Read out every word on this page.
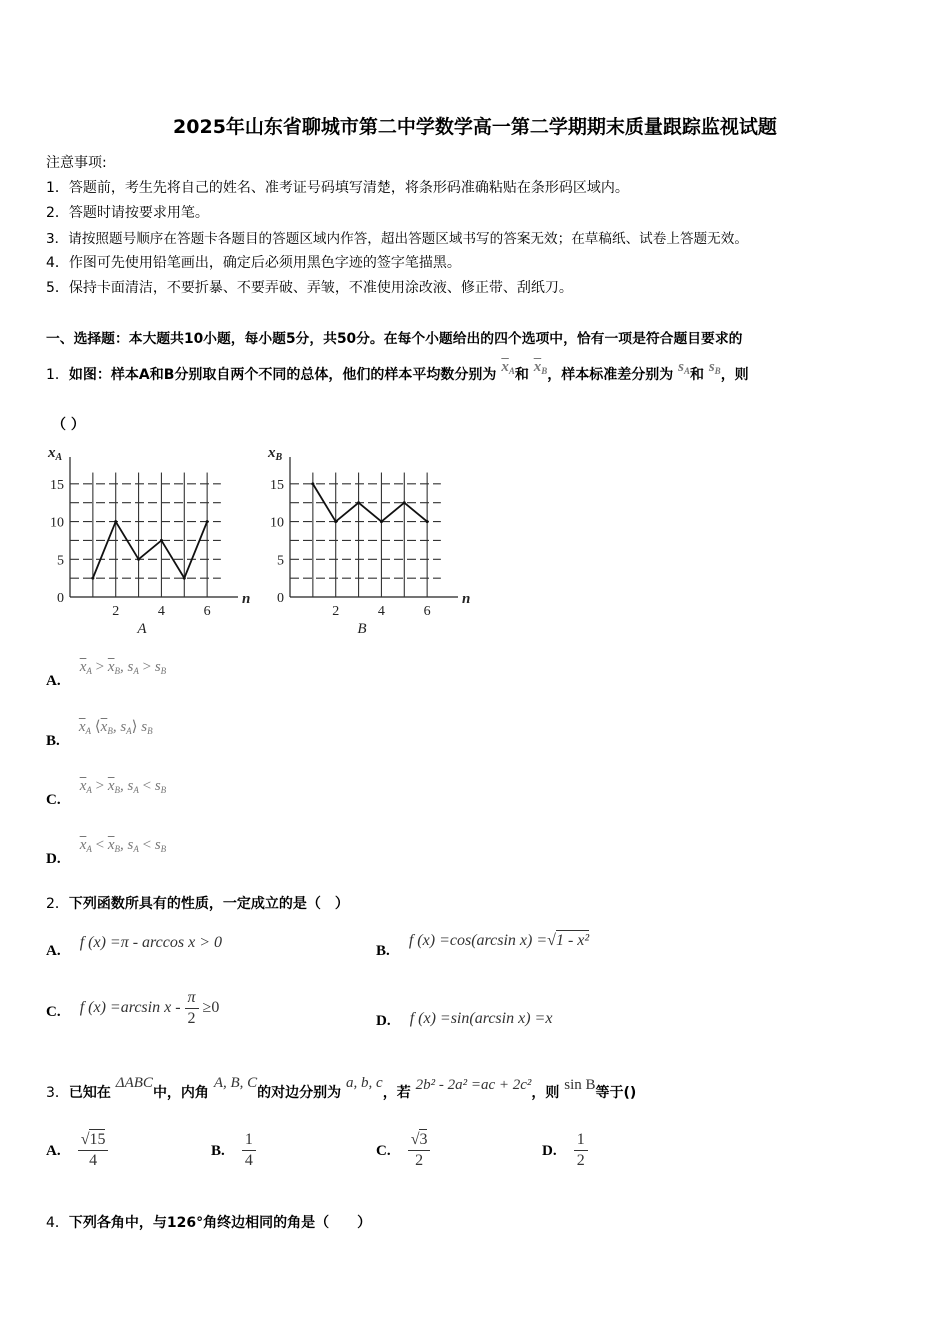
2025年山东省聊城市第二中学数学高一第二学期期末质量跟踪监视试题
注意事项:
1．答题前，考生先将自己的姓名、准考证号码填写清楚，将条形码准确粘贴在条形码区域内。
2．答题时请按要求用笔。
3．请按照题号顺序在答题卡各题目的答题区域内作答，超出答题区域书写的答案无效；在草稿纸、试卷上答题无效。
4．作图可先使用铅笔画出，确定后必须用黑色字迹的签字笔描黑。
5．保持卡面清洁，不要折暴、不要弄破、弄皱，不准使用涂改液、修正带、刮纸刀。
一、选择题：本大题共10小题，每小题5分，共50分。在每个小题给出的四个选项中，恰有一项是符合题目要求的
1．如图：样本A和B分别取自两个不同的总体，他们的样本平均数分别为 $\overline{x}_A$和 $\overline{x}_B$，样本标准差分别为 $s_A$和 $s_B$，则
（ ）
0
5
10
15
2	4	6
$x_A$
n
A
0
5
10
15
2	4	6
$x_B$
n
B
A. $\overline{x}_A > \overline{x}_B$, $s_A > s_B$
B. $\overline{x}_A$ $⟨\overline{x}_B$, $s_A⟩$ $s_B$
C. $\overline{x}_A > \overline{x}_B$, $s_A < s_B$
D. $\overline{x}_A < \overline{x}_B$, $s_A < s_B$
2．下列函数所具有的性质，一定成立的是（　）
A. f (x) =π - arccos x > 0	B. f (x) =cos(arcsin x) =√1 - x²
C. f (x) =arcsin $x - \frac{\pi}{2} \ge 0$
D. f (x) =sin(arcsin x) =x
3．已知在 ΔABC中，内角 A, B, C的对边分别为 a, b, c，若 2b² - 2a² =ac + 2c²，则 sin B等于()
A. $\frac{√15}{4}$	B. $\frac{1}{4}$	C. $\frac{√3}{2}$	D. $\frac{1}{2}$
4．下列各角中，与126°角终边相同的角是（　　）
